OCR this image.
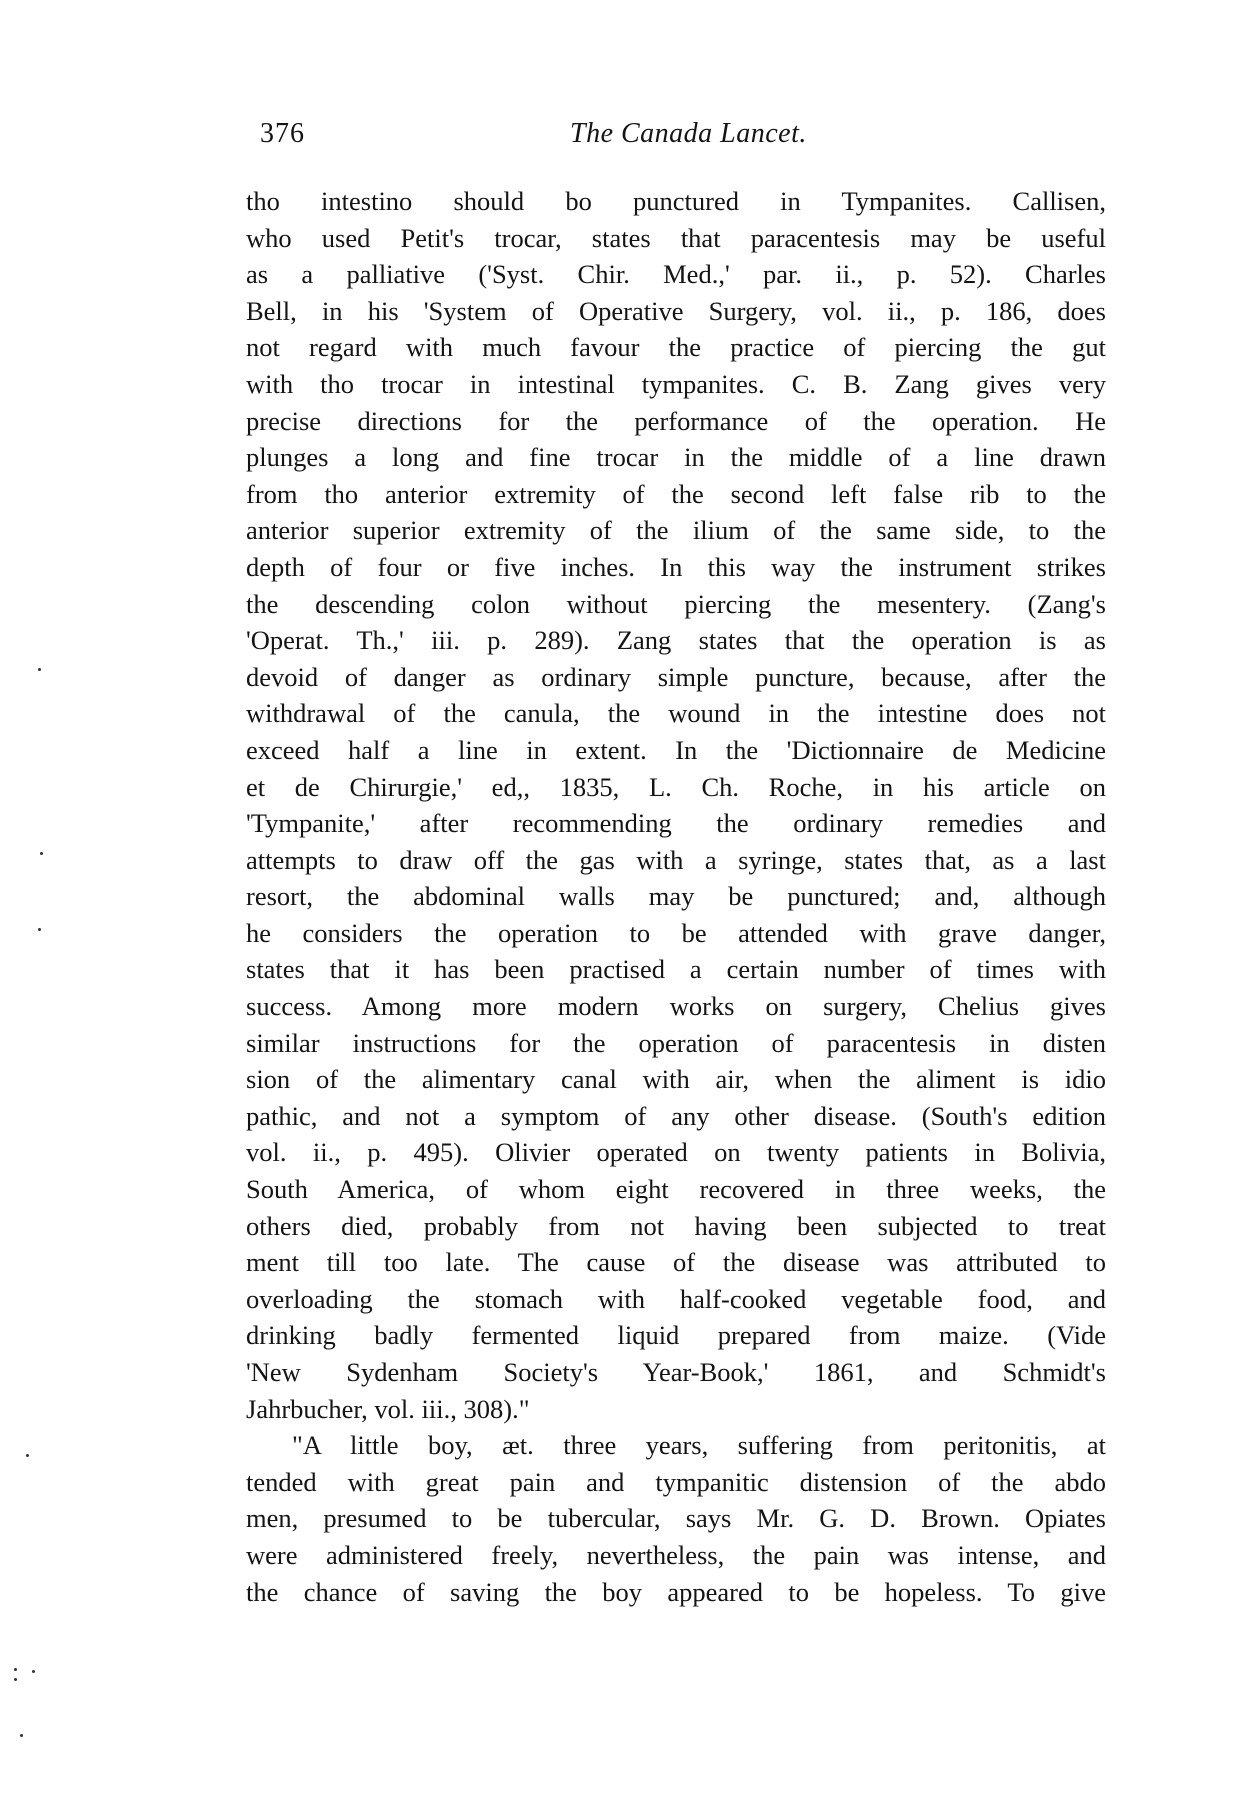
376	The Canada Lancet.
tho intestino should bo punctured in Tympanites. Callisen,
who used Petit's trocar, states that paracentesis may be useful
as a palliative ('Syst. Chir. Med.,' par. ii., p. 52). Charles
Bell, in his 'System of Operative Surgery, vol. ii., p. 186, does
not regard with much favour the practice of piercing the gut
with tho trocar in intestinal tympanites. C. B. Zang gives very
precise directions for the performance of the operation. He
plunges a long and fine trocar in the middle of a line drawn
from tho anterior extremity of the second left false rib to the
anterior superior extremity of the ilium of the same side, to the
depth of four or five inches. In this way the instrument strikes
the descending colon without piercing the mesentery. (Zang's
'Operat. Th.,' iii. p. 289). Zang states that the operation is as
devoid of danger as ordinary simple puncture, because, after the
withdrawal of the canula, the wound in the intestine does not
exceed half a line in extent. In the 'Dictionnaire de Medicine
et de Chirurgie,' ed,, 1835, L. Ch. Roche, in his article on
'Tympanite,' after recommending the ordinary remedies and
attempts to draw off the gas with a syringe, states that, as a last
resort, the abdominal walls may be punctured; and, although
he considers the operation to be attended with grave danger,
states that it has been practised a certain number of times with
success. Among more modern works on surgery, Chelius gives
similar instructions for the operation of paracentesis in disten
sion of the alimentary canal with air, when the aliment is idio
pathic, and not a symptom of any other disease. (South's edition
vol. ii., p. 495). Olivier operated on twenty patients in Bolivia,
South America, of whom eight recovered in three weeks, the
others died, probably from not having been subjected to treat
ment till too late. The cause of the disease was attributed to
overloading the stomach with half-cooked vegetable food, and
drinking badly fermented liquid prepared from maize. (Vide
'New Sydenham Society's Year-Book,' 1861, and Schmidt's
Jahrbucher, vol. iii., 308)."
"A little boy, æt. three years, suffering from peritonitis, at
tended with great pain and tympanitic distension of the abdo
men, presumed to be tubercular, says Mr. G. D. Brown. Opiates
were administered freely, nevertheless, the pain was intense, and
the chance of saving the boy appeared to be hopeless. To give
